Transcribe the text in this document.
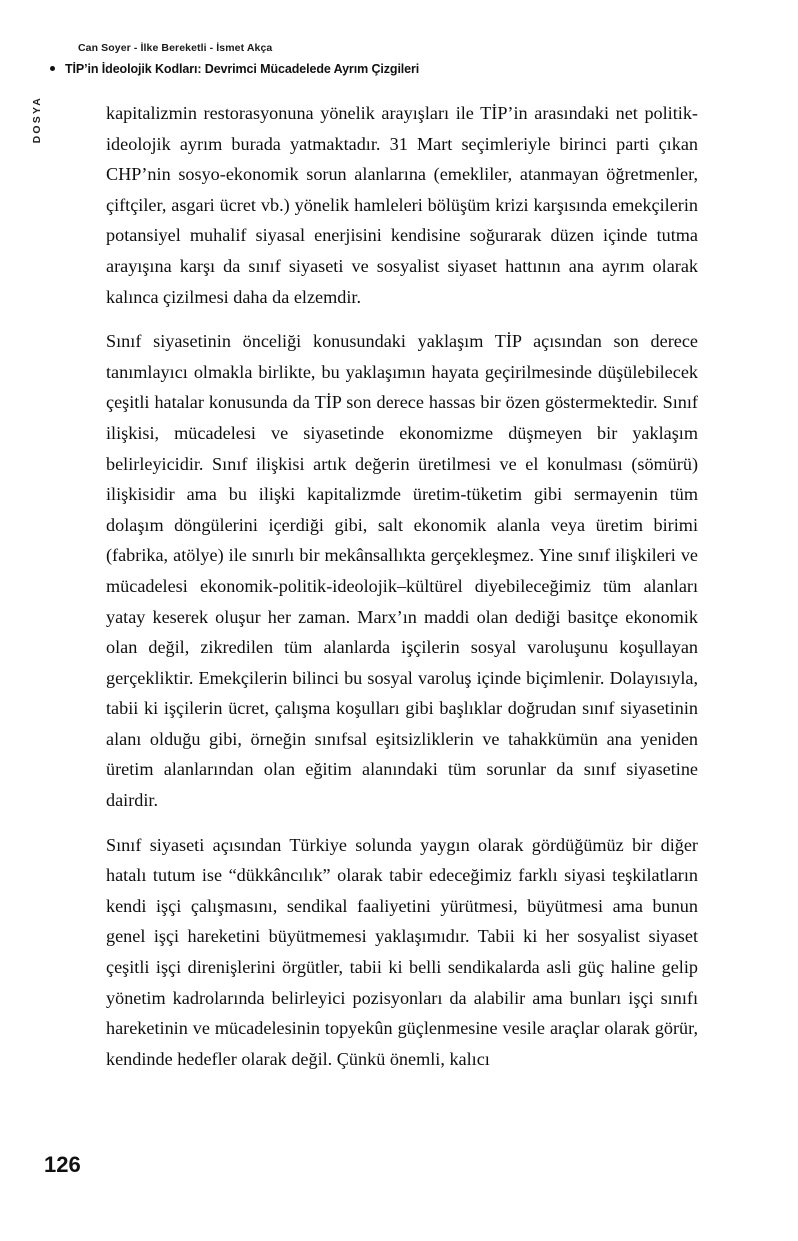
Can Soyer - İlke Bereketli - İsmet Akça
TİP’in İdeolojik Kodları: Devrimci Mücadelede Ayrım Çizgileri
DOSYA	kapitalizmin restorasyonuna yönelik arayışları ile TİP’in arasındaki net politik-ideolojik ayrım burada yatmaktadır. 31 Mart seçimleriyle birinci parti çıkan CHP’nin sosyo-ekonomik sorun alanlarına (emekliler, atanmayan öğretmenler, çiftçiler, asgari ücret vb.) yönelik hamleleri bölüşüm krizi karşısında emekçilerin potansiyel muhalif siyasal enerjisini kendisine soğurarak düzen içinde tutma arayışına karşı da sınıf siyaseti ve sosyalist siyaset hattının ana ayrım olarak kalınca çizilmesi daha da elzemdir.

Sınıf siyasetinin önceliği konusundaki yaklaşım TİP açısından son derece tanımlayıcı olmakla birlikte, bu yaklaşımın hayata geçirilmesinde düşülebilecek çeşitli hatalar konusunda da TİP son derece hassas bir özen göstermektedir. Sınıf ilişkisi, mücadelesi ve siyasetinde ekonomizme düşmeyen bir yaklaşım belirleyicidir. Sınıf ilişkisi artık değerin üretilmesi ve el konulması (sömürü) ilişkisidir ama bu ilişki kapitalizmde üretim-tüketim gibi sermayenin tüm dolaşım döngülerini içerdiği gibi, salt ekonomik alanla veya üretim birimi (fabrika, atölye) ile sınırlı bir mekânsallıkta gerçekleşmez. Yine sınıf ilişkileri ve mücadelesi ekonomik-politik-ideolojik–kültürel diyebileceğimiz tüm alanları yatay keserek oluşur her zaman. Marx’ın maddi olan dediği basitçe ekonomik olan değil, zikredilen tüm alanlarda işçilerin sosyal varoluşunu koşullayan gerçekliktir. Emekçilerin bilinci bu sosyal varoluş içinde biçimlenir. Dolayısıyla, tabii ki işçilerin ücret, çalışma koşulları gibi başlıklar doğrudan sınıf siyasetinin alanı olduğu gibi, örneğin sınıfsal eşitsizliklerin ve tahakkümün ana yeniden üretim alanlarından olan eğitim alanındaki tüm sorunlar da sınıf siyasetine dairdir.

Sınıf siyaseti açısından Türkiye solunda yaygın olarak gördüğümüz bir diğer hatalı tutum ise “dükkâncılık” olarak tabir edeceğimiz farklı siyasi teşkilatların kendi işçi çalışmasını, sendikal faaliyetini yürütmesi, büyütmesi ama bunun genel işçi hareketini büyütmemesi yaklaşımıdır. Tabii ki her sosyalist siyaset çeşitli işçi direnişlerini örgütler, tabii ki belli sendikalarda asli güç haline gelip yönetim kadrolarında belirleyici pozisyonları da alabilir ama bunları işçi sınıfı hareketinin ve mücadelesinin topyekûn güçlenmesine vesile araçlar olarak görür, kendinde hedefler olarak değil. Çünkü önemli, kalıcı

126
